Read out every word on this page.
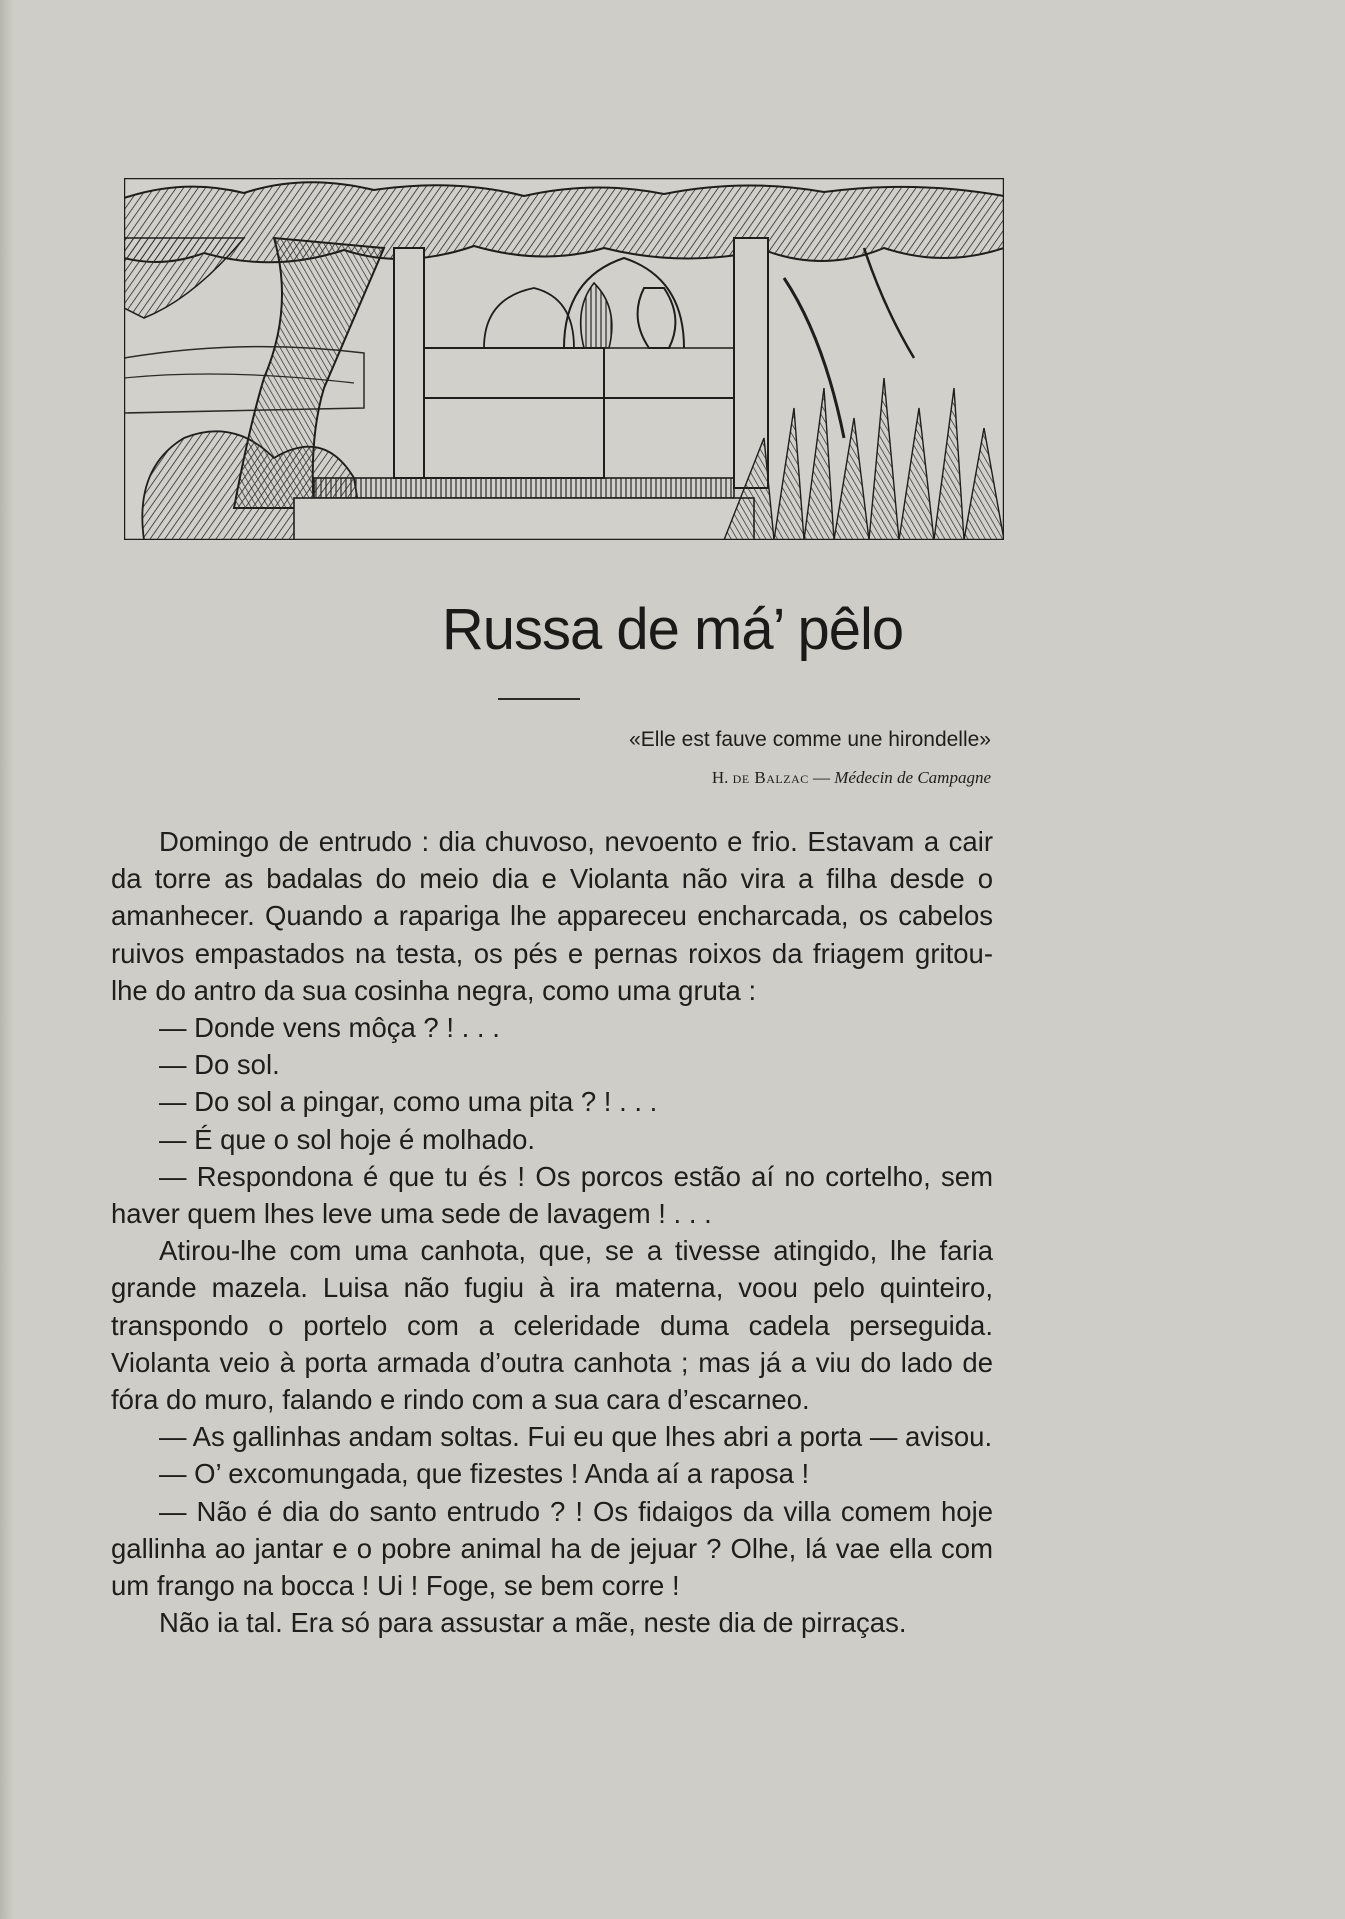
Russa de má’ pêlo
«Elle est fauve comme une hirondelle»
H. de Balzac — Médecin de Campagne

Domingo de entrudo : dia chuvoso, nevoento e frio. Estavam a cair da torre as badalas do meio dia e Violanta não vira a filha desde o amanhecer. Quando a rapariga lhe appareceu encharcada, os cabelos ruivos empastados na testa, os pés e pernas roixos da friagem gritou-lhe do antro da sua cosinha negra, como uma gruta :

— Donde vens môça ? ! . . .

— Do sol.

— Do sol a pingar, como uma pita ? ! . . .

— É que o sol hoje é molhado.

— Respondona é que tu és ! Os porcos estão aí no cortelho, sem haver quem lhes leve uma sede de lavagem ! . . .

Atirou-lhe com uma canhota, que, se a tivesse atingido, lhe faria grande mazela. Luisa não fugiu à ira materna, voou pelo quinteiro, transpondo o portelo com a celeridade duma cadela perseguida. Violanta veio à porta armada d’outra canhota ; mas já a viu do lado de fóra do muro, falando e rindo com a sua cara d’escarneo.

— As gallinhas andam soltas. Fui eu que lhes abri a porta — avisou.

— O’ excomungada, que fizestes ! Anda aí a raposa !

— Não é dia do santo entrudo ? ! Os fidaigos da villa comem hoje gallinha ao jantar e o pobre animal ha de jejuar ? Olhe, lá vae ella com um frango na bocca ! Ui ! Foge, se bem corre !

Não ia tal. Era só para assustar a mãe, neste dia de pirraças.
